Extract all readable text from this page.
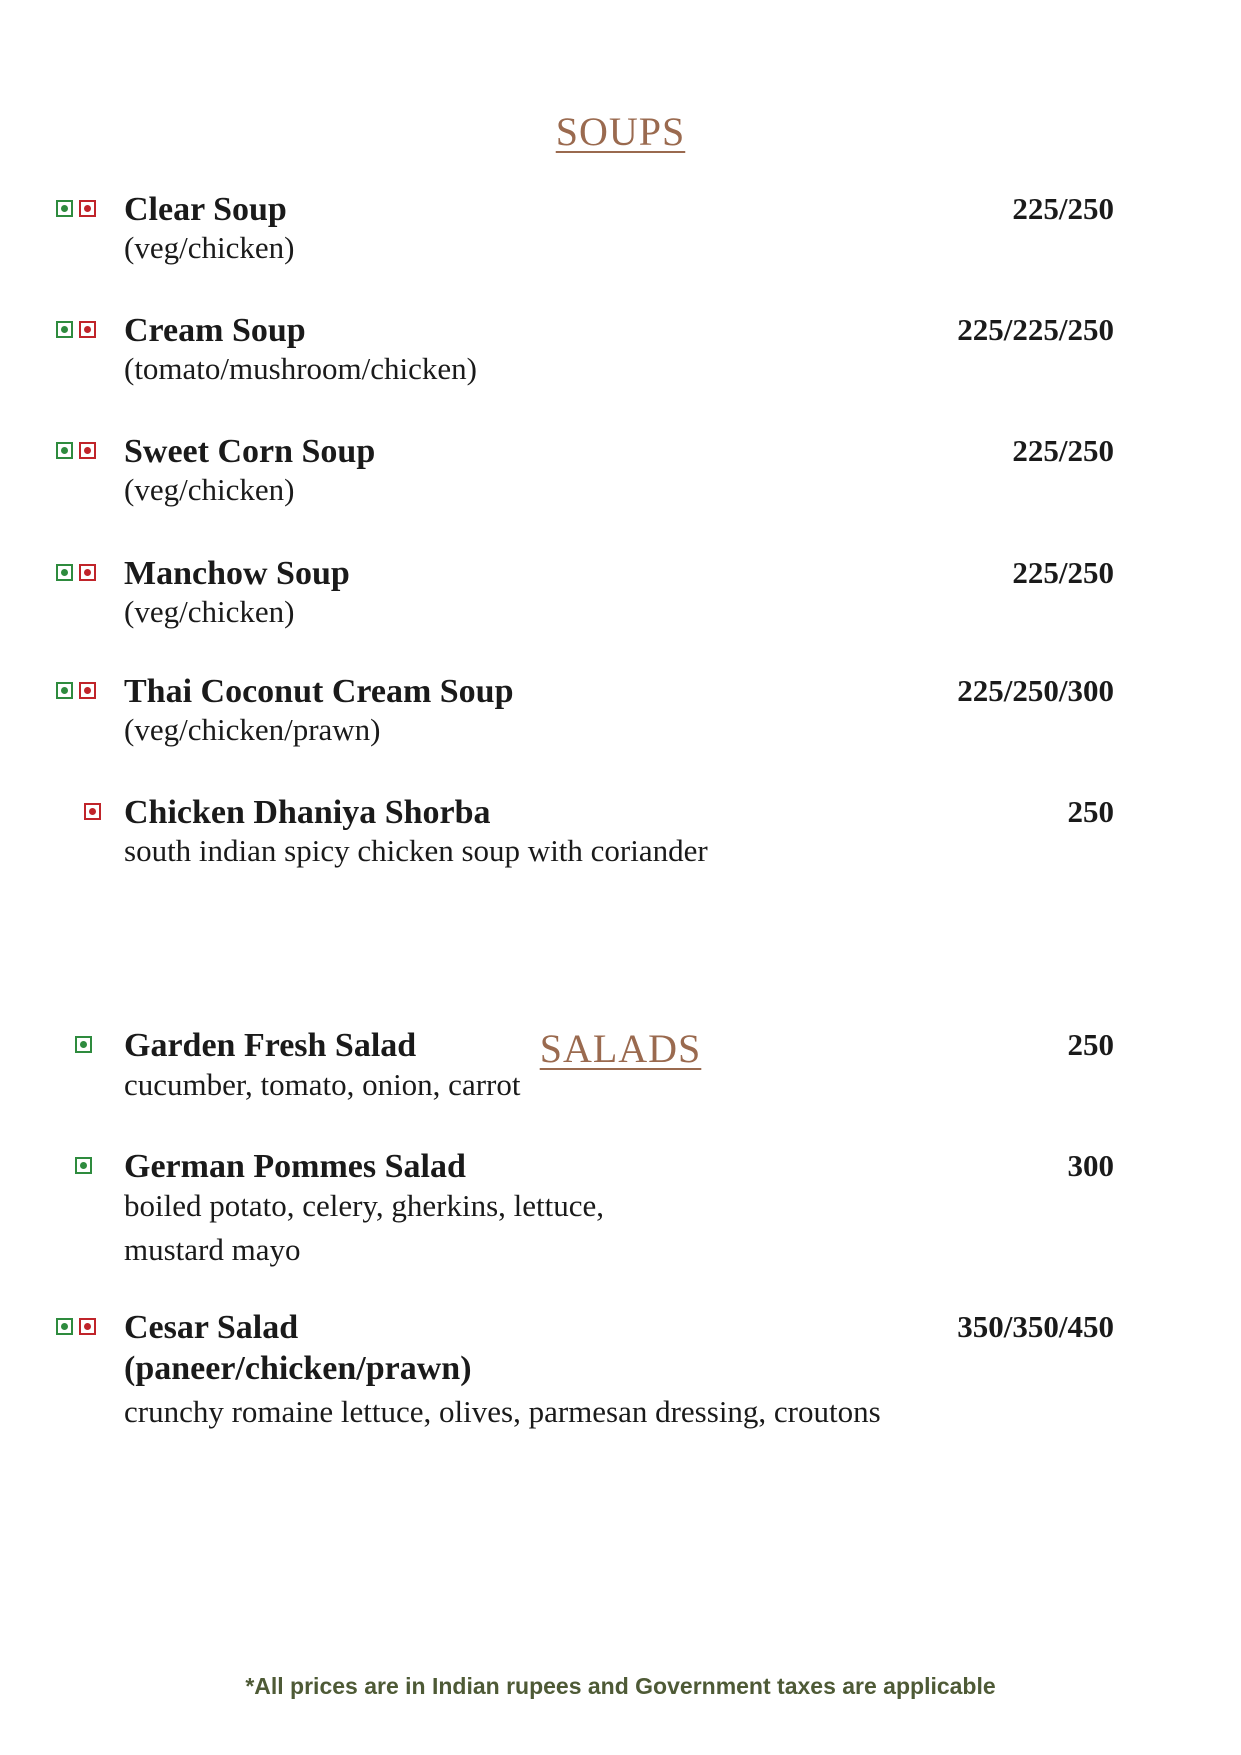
SOUPS
Clear Soup
(veg/chicken)
225/250
Cream Soup
(tomato/mushroom/chicken)
225/225/250
Sweet Corn Soup
(veg/chicken)
225/250
Manchow Soup
(veg/chicken)
225/250
Thai Coconut Cream Soup
(veg/chicken/prawn)
225/250/300
Chicken Dhaniya Shorba
south indian spicy chicken soup with coriander
250
SALADS
Garden Fresh Salad
cucumber, tomato, onion, carrot
250
German Pommes Salad
boiled potato, celery, gherkins, lettuce,
mustard mayo
300
Cesar Salad
(paneer/chicken/prawn)
crunchy romaine lettuce, olives, parmesan dressing, croutons
350/350/450
*All prices are in Indian rupees and Government taxes are applicable
